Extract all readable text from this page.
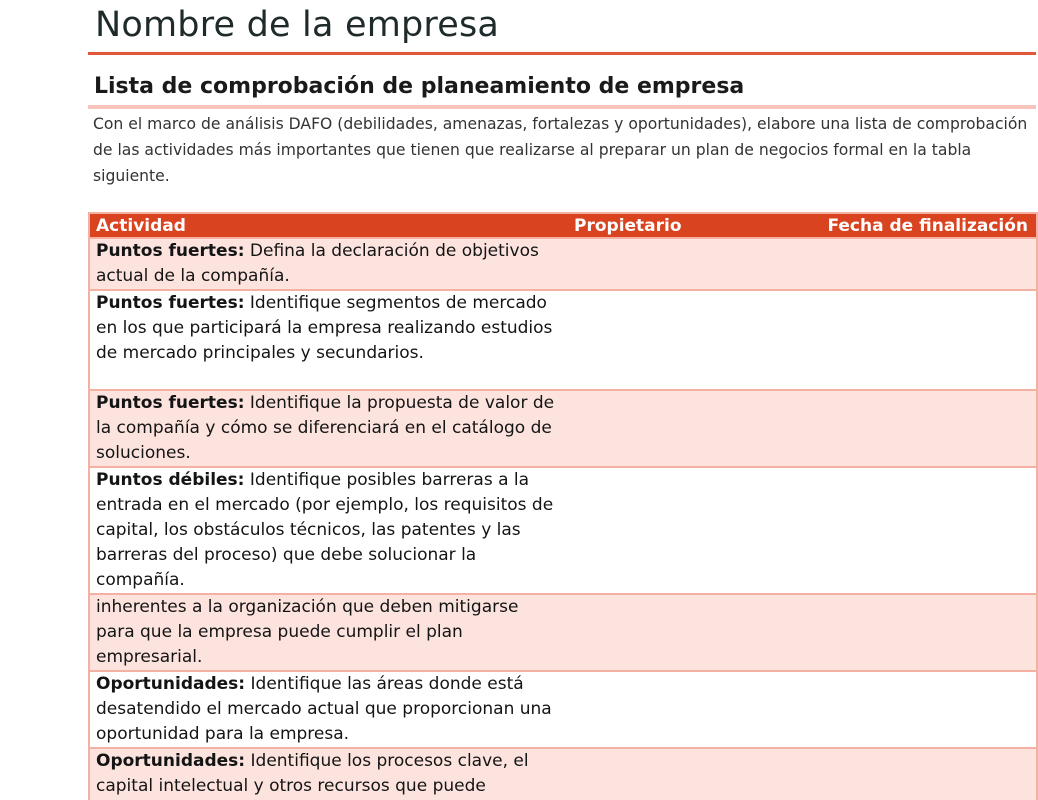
Nombre de la empresa
Lista de comprobación de planeamiento de empresa

Con el marco de análisis DAFO (debilidades, amenazas, fortalezas y oportunidades), elabore una lista de comprobación de las actividades más importantes que tienen que realizarse al preparar un plan de negocios formal en la tabla siguiente.

Actividad	Propietario	Fecha de finalización
Puntos fuertes: Defina la declaración de objetivos actual de la compañía.		
Puntos fuertes: Identifique segmentos de mercado en los que participará la empresa realizando estudios de mercado principales y secundarios.		
Puntos fuertes: Identifique la propuesta de valor de la compañía y cómo se diferenciará en el catálogo de soluciones.		
Puntos débiles: Identifique posibles barreras a la entrada en el mercado (por ejemplo, los requisitos de capital, los obstáculos técnicos, las patentes y las barreras del proceso) que debe solucionar la compañía.		
inherentes a la organización que deben mitigarse para que la empresa puede cumplir el plan empresarial.		
Oportunidades: Identifique las áreas donde está desatendido el mercado actual que proporcionan una oportunidad para la empresa.		
Oportunidades: Identifique los procesos clave, el capital intelectual y otros recursos que puede		
